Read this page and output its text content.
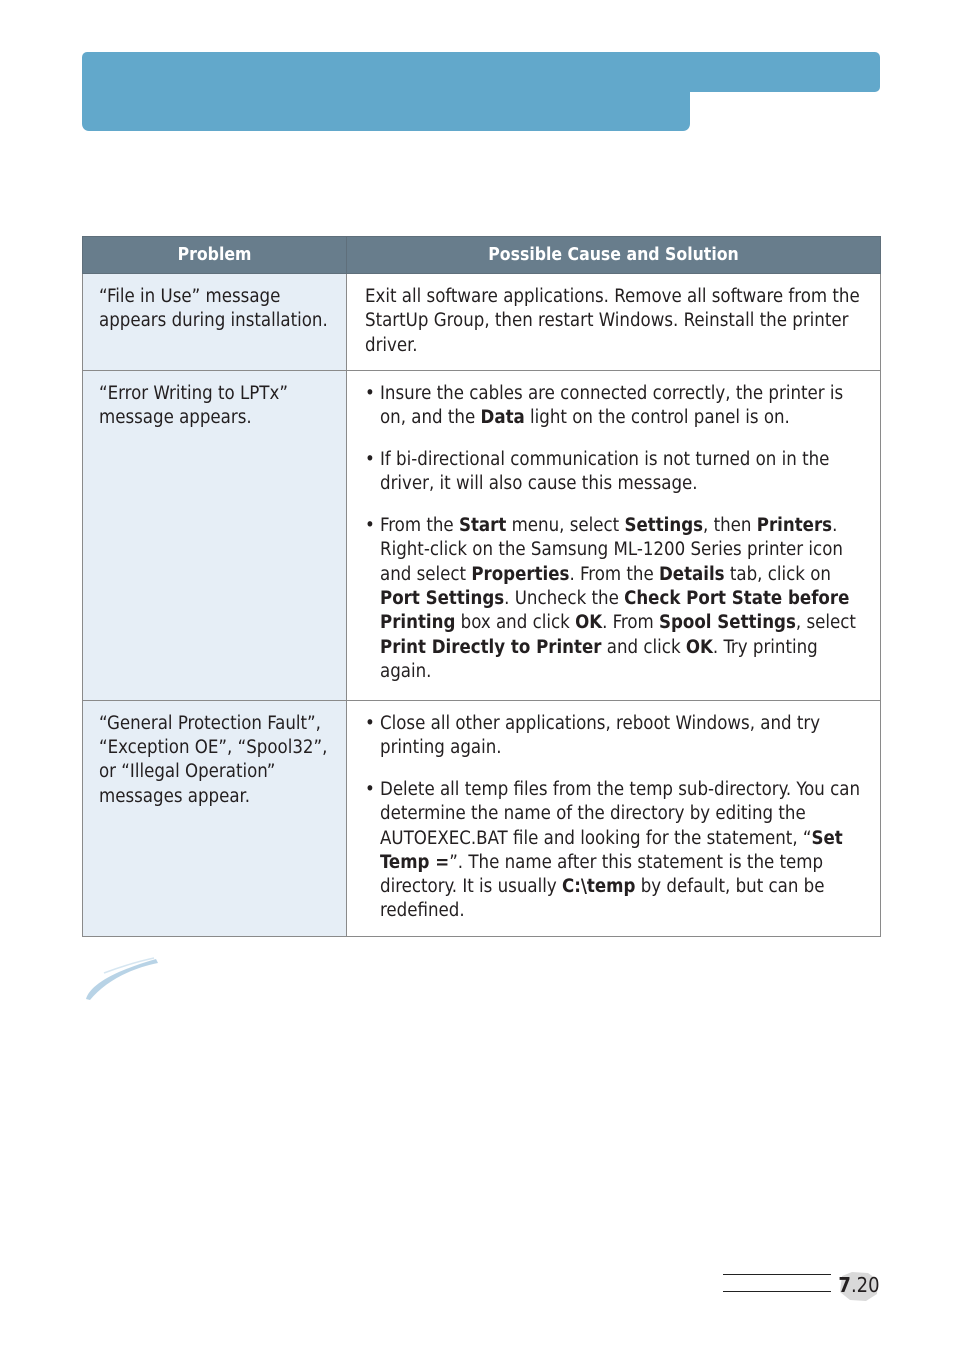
Problem	Possible Cause and Solution
“File in Use” message appears during installation.	Exit all software applications. Remove all software from the StartUp Group, then restart Windows. Reinstall the printer driver.

“Error Writing to LPTx” message appears.	• Insure the cables are connected correctly, the printer is on, and the Data light on the control panel is on.
• If bi-directional communication is not turned on in the driver, it will also cause this message.
• From the Start menu, select Settings, then Printers. Right-click on the Samsung ML-1200 Series printer icon and select Properties. From the Details tab, click on Port Settings. Uncheck the Check Port State before Printing box and click OK. From Spool Settings, select Print Directly to Printer and click OK. Try printing again.

“General Protection Fault”, “Exception OE”, “Spool32”, or “Illegal Operation” messages appear.	• Close all other applications, reboot Windows, and try printing again.
• Delete all temp files from the temp sub-directory. You can determine the name of the directory by editing the AUTOEXEC.BAT file and looking for the statement, “Set Temp =”. The name after this statement is the temp directory. It is usually C:\temp by default, but can be redefined.
7.20
